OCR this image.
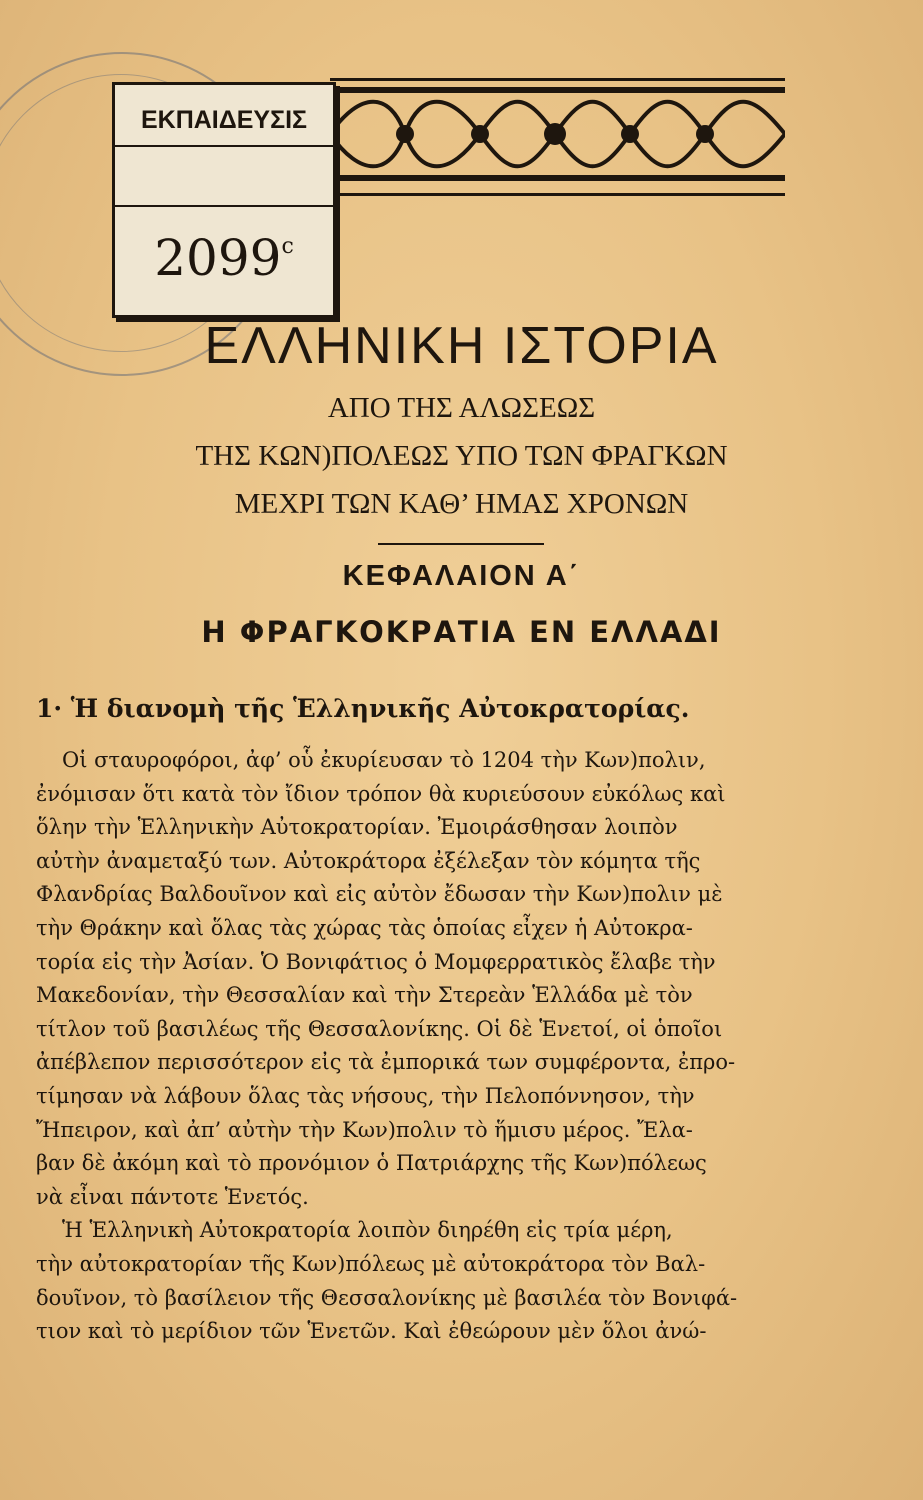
ΕΚΠΑΙΔΕΥΣΙΣ
2099$^c$
ΕΛΛΗΝΙΚΗ ΙΣΤΟΡΙΑ

ΑΠΟ ΤΗΣ ΑΛΩΣΕΩΣ

ΤΗΣ ΚΩΝ)ΠΟΛΕΩΣ ΥΠΟ ΤΩΝ ΦΡΑΓΚΩΝ

ΜΕΧΡΙ ΤΩΝ ΚΑΘ’ ΗΜΑΣ ΧΡΟΝΩΝ

ΚΕΦΑΛΑΙΟΝ Α΄
Η ΦΡΑΓΚΟΚΡΑΤΙΑ ΕΝ ΕΛΛΑΔΙ
1· Ἡ διανομὴ τῆς Ἑλληνικῆς Αὐτοκρατορίας.
Οἱ σταυροφόροι, ἀφ’ οὗ ἐκυρίευσαν τὸ 1204 τὴν Κων)πολιν,
ἐνόμισαν ὅτι κατὰ τὸν ἴδιον τρόπον θὰ κυριεύσουν εὐκόλως καὶ
ὅλην τὴν Ἑλληνικὴν Αὐτοκρατορίαν. Ἐμοιράσθησαν λοιπὸν
αὐτὴν ἀναμεταξύ των. Αὐτοκράτορα ἐξέλεξαν τὸν κόμητα τῆς
Φλανδρίας Βαλδουῖνον καὶ εἰς αὐτὸν ἔδωσαν τὴν Κων)πολιν μὲ
τὴν Θράκην καὶ ὅλας τὰς χώρας τὰς ὁποίας εἶχεν ἡ Αὐτοκρα-
τορία εἰς τὴν Ἀσίαν. Ὁ Βονιφάτιος ὁ Μομφερρατικὸς ἔλαβε τὴν
Μακεδονίαν, τὴν Θεσσαλίαν καὶ τὴν Στερεὰν Ἑλλάδα μὲ τὸν
τίτλον τοῦ βασιλέως τῆς Θεσσαλονίκης. Οἱ δὲ Ἑνετοί, οἱ ὁποῖοι
ἀπέβλεπον περισσότερον εἰς τὰ ἐμπορικά των συμφέροντα, ἐπρο-
τίμησαν νὰ λάβουν ὅλας τὰς νήσους, τὴν Πελοπόννησον, τὴν
Ἤπειρον, καὶ ἀπ’ αὐτὴν τὴν Κων)πολιν τὸ ἥμισυ μέρος. Ἔλα-
βαν δὲ ἀκόμη καὶ τὸ προνόμιον ὁ Πατριάρχης τῆς Κων)πόλεως
νὰ εἶναι πάντοτε Ἑνετός.
Ἡ Ἑλληνικὴ Αὐτοκρατορία λοιπὸν διηρέθη εἰς τρία μέρη,
τὴν αὐτοκρατορίαν τῆς Κων)πόλεως μὲ αὐτοκράτορα τὸν Βαλ-
δουῖνον, τὸ βασίλειον τῆς Θεσσαλονίκης μὲ βασιλέα τὸν Βονιφά-
τιον καὶ τὸ μερίδιον τῶν Ἑνετῶν. Καὶ ἐθεώρουν μὲν ὅλοι ἀνώ-
